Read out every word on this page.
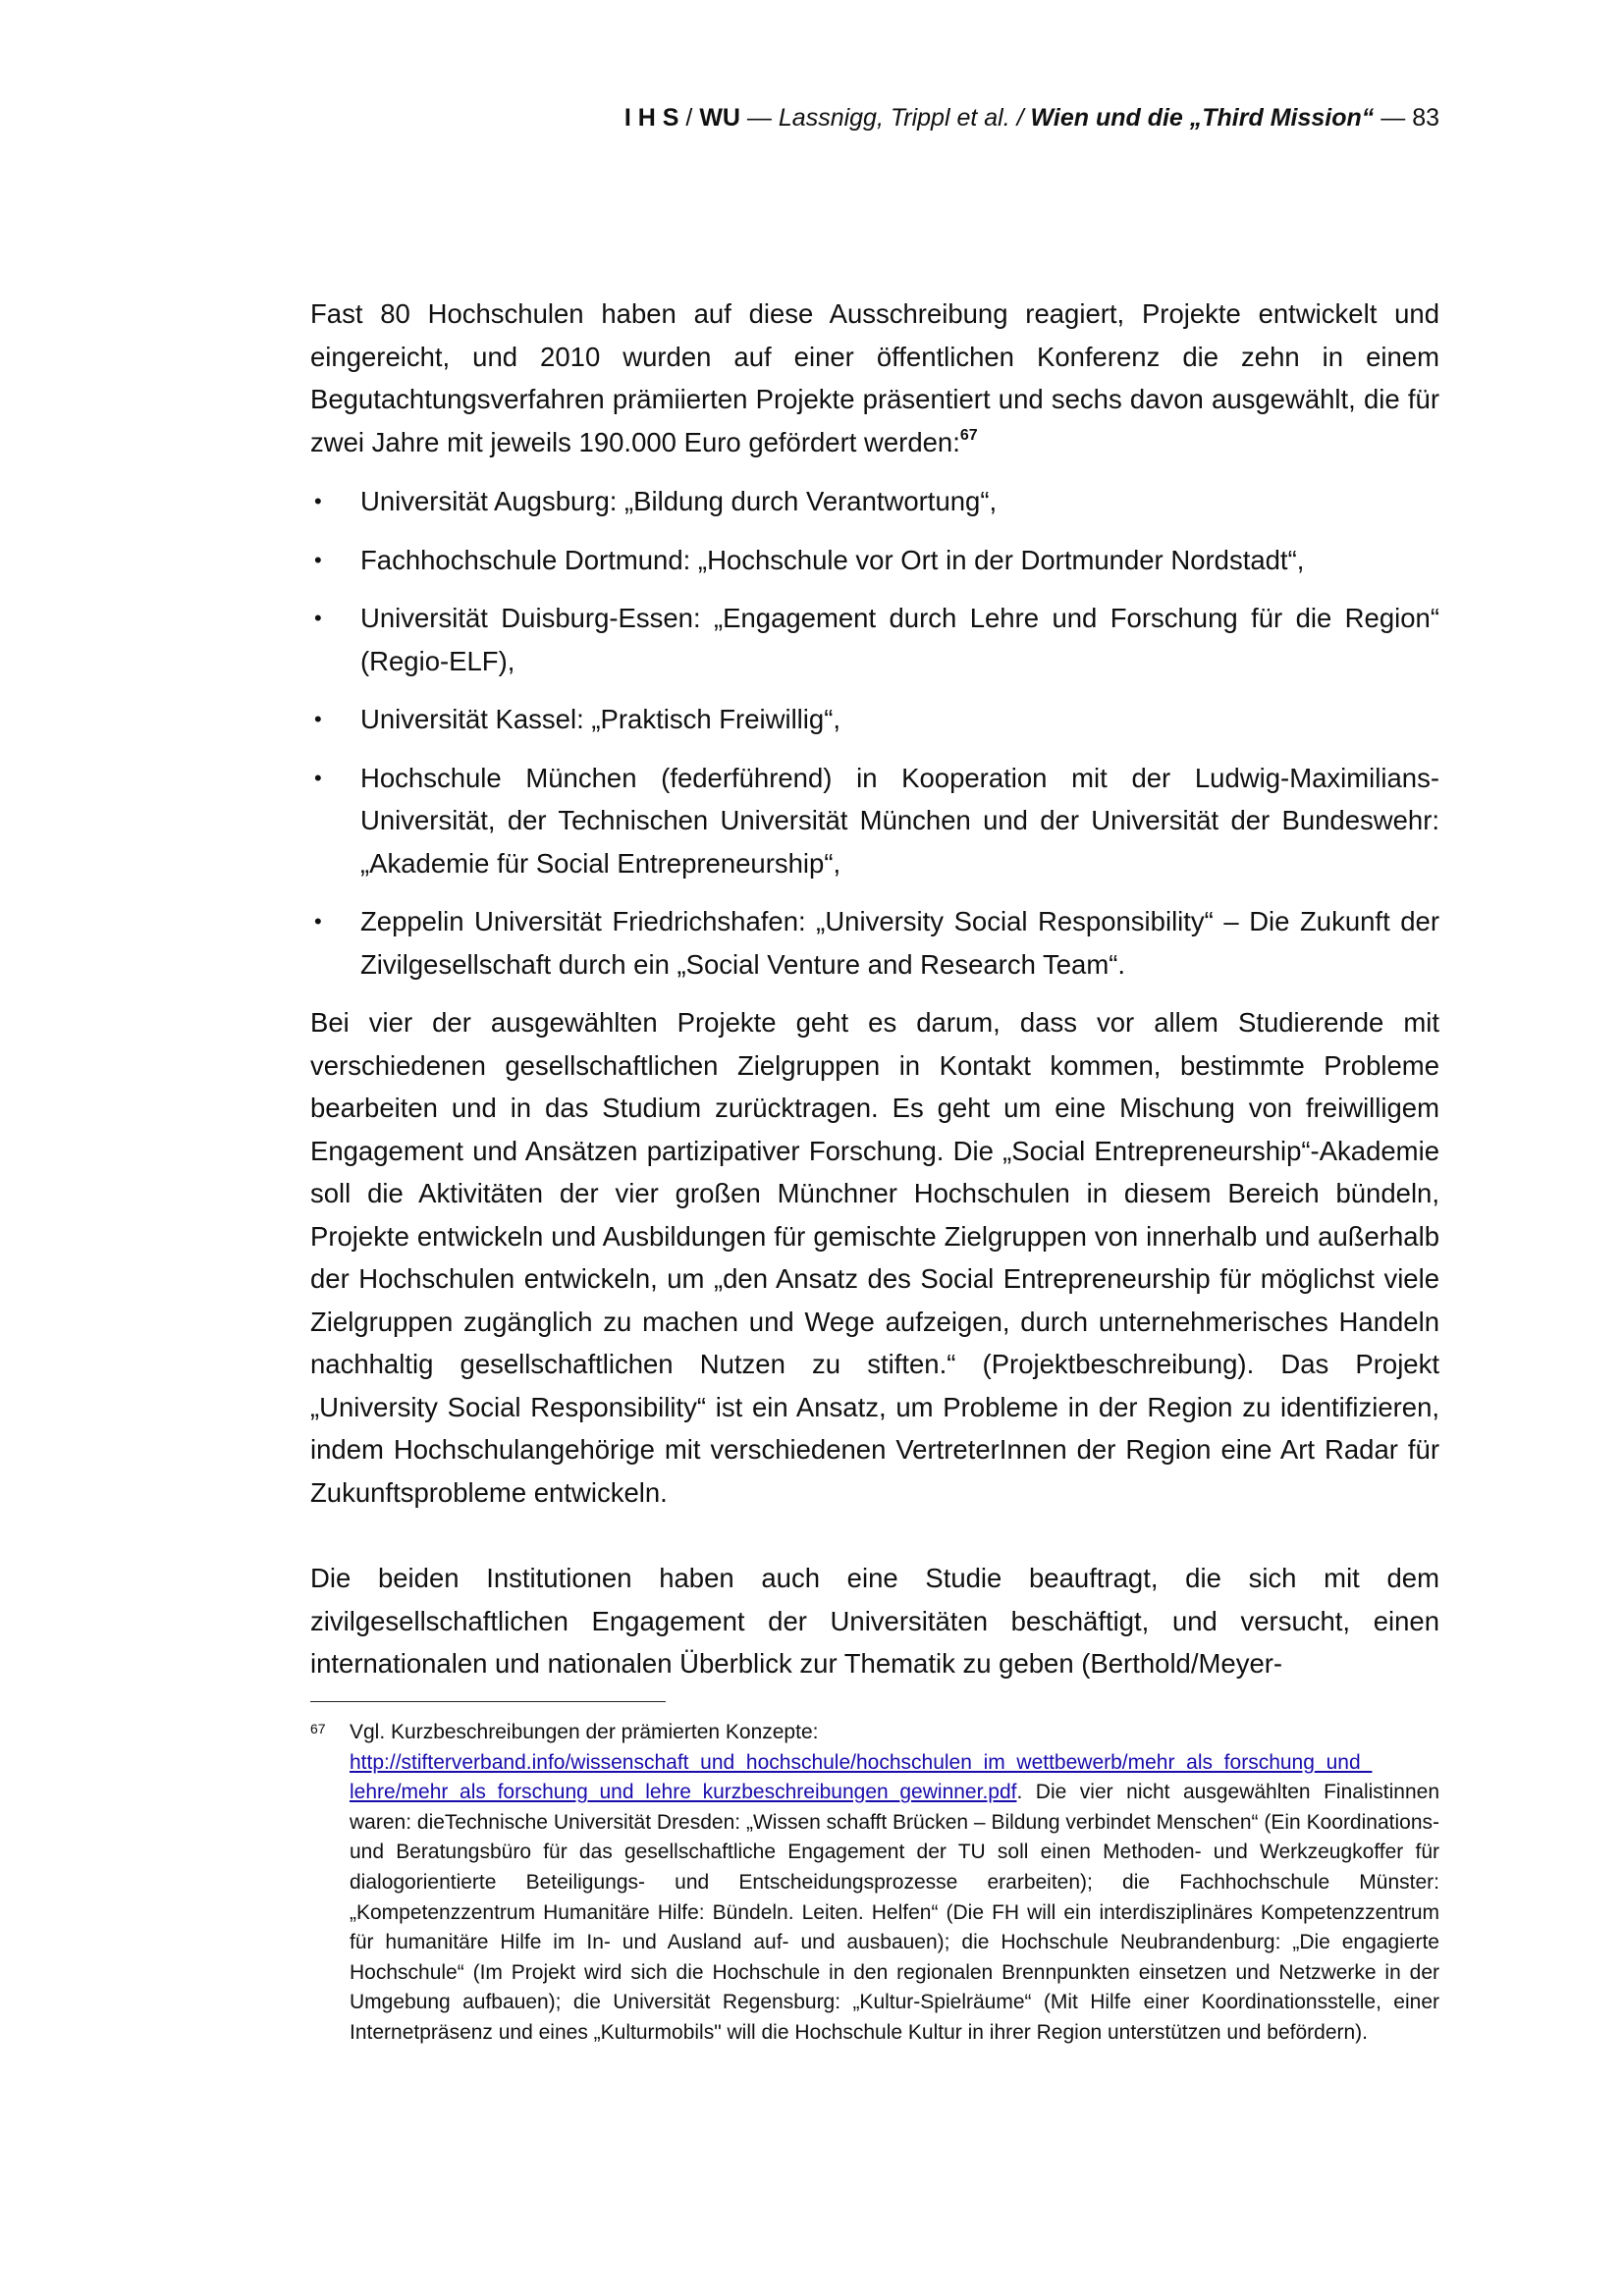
I H S / WU — Lassnigg, Trippl et al. / Wien und die „Third Mission“ — 83

Fast 80 Hochschulen haben auf diese Ausschreibung reagiert, Projekte entwickelt und eingereicht, und 2010 wurden auf einer öffentlichen Konferenz die zehn in einem Begutachtungsverfahren prämiierten Projekte präsentiert und sechs davon ausgewählt, die für zwei Jahre mit jeweils 190.000 Euro gefördert werden:$^{67}$

• Universität Augsburg: „Bildung durch Verantwortung“,
• Fachhochschule Dortmund: „Hochschule vor Ort in der Dortmunder Nordstadt“,
• Universität Duisburg-Essen: „Engagement durch Lehre und Forschung für die Region“ (Regio-ELF),
• Universität Kassel: „Praktisch Freiwillig“,
• Hochschule München (federführend) in Kooperation mit der Ludwig-Maximilians-Universität, der Technischen Universität München und der Universität der Bundeswehr: „Akademie für Social Entrepreneurship“,
• Zeppelin Universität Friedrichshafen: „University Social Responsibility“ – Die Zukunft der Zivilgesellschaft durch ein „Social Venture and Research Team“.

Bei vier der ausgewählten Projekte geht es darum, dass vor allem Studierende mit verschiedenen gesellschaftlichen Zielgruppen in Kontakt kommen, bestimmte Probleme bearbeiten und in das Studium zurücktragen. Es geht um eine Mischung von freiwilligem Engagement und Ansätzen partizipativer Forschung. Die „Social Entrepreneurship“-Akademie soll die Aktivitäten der vier großen Münchner Hochschulen in diesem Bereich bündeln, Projekte entwickeln und Ausbildungen für gemischte Zielgruppen von innerhalb und außerhalb der Hochschulen entwickeln, um „den Ansatz des Social Entrepreneurship für möglichst viele Zielgruppen zugänglich zu machen und Wege aufzeigen, durch unternehmerisches Handeln nachhaltig gesellschaftlichen Nutzen zu stiften.“ (Projektbeschreibung). Das Projekt „University Social Responsibility“ ist ein Ansatz, um Probleme in der Region zu identifizieren, indem Hochschulangehörige mit verschiedenen VertreterInnen der Region eine Art Radar für Zukunftsprobleme entwickeln.

Die beiden Institutionen haben auch eine Studie beauftragt, die sich mit dem zivilgesellschaftlichen Engagement der Universitäten beschäftigt, und versucht, einen internationalen und nationalen Überblick zur Thematik zu geben (Berthold/Meyer-

67 Vgl. Kurzbeschreibungen der prämierten Konzepte:
http://stifterverband.info/wissenschaft_und_hochschule/hochschulen_im_wettbewerb/mehr_als_forschung_und_
lehre/mehr_als_forschung_und_lehre_kurzbeschreibungen_gewinner.pdf. Die vier nicht ausgewählten Finalistinnen waren: dieTechnische Universität Dresden: „Wissen schafft Brücken – Bildung verbindet Menschen“ (Ein Koordinations- und Beratungsbüro für das gesellschaftliche Engagement der TU soll einen Methoden- und Werkzeugkoffer für dialogorientierte Beteiligungs- und Entscheidungsprozesse erarbeiten); die Fachhochschule Münster: „Kompetenzzentrum Humanitäre Hilfe: Bündeln. Leiten. Helfen“ (Die FH will ein interdisziplinäres Kompetenzzentrum für humanitäre Hilfe im In- und Ausland auf- und ausbauen); die Hochschule Neubrandenburg: „Die engagierte Hochschule“ (Im Projekt wird sich die Hochschule in den regionalen Brennpunkten einsetzen und Netzwerke in der Umgebung aufbauen); die Universität Regensburg: „Kultur-Spielräume“ (Mit Hilfe einer Koordinationsstelle, einer Internetpräsenz und eines „Kulturmobils" will die Hochschule Kultur in ihrer Region unterstützen und befördern).
